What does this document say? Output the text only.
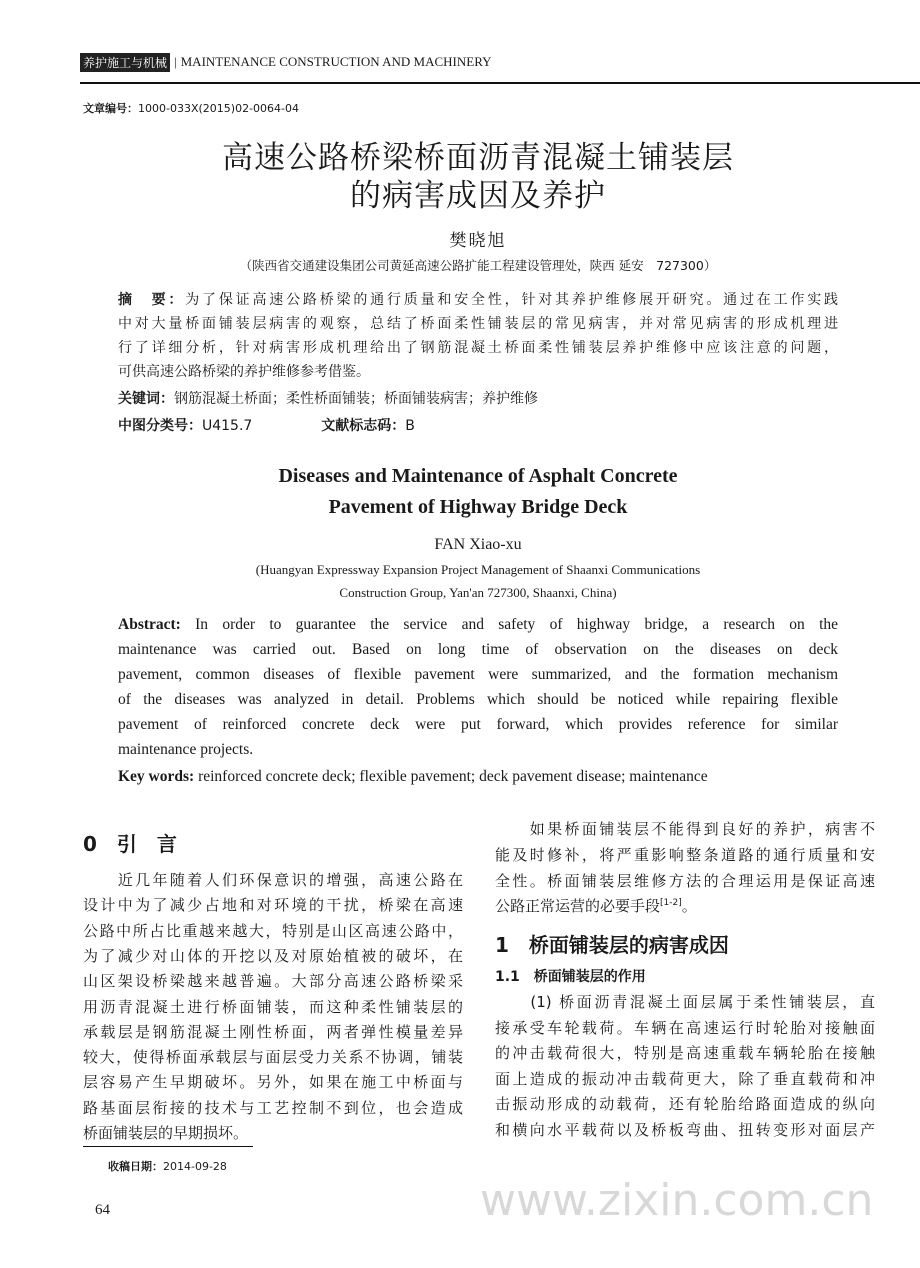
养护施工与机械 | MAINTENANCE CONSTRUCTION AND MACHINERY
文章编号：1000-033X(2015)02-0064-04
高速公路桥梁桥面沥青混凝土铺装层
的病害成因及养护
樊晓旭
（陕西省交通建设集团公司黄延高速公路扩能工程建设管理处，陕西 延安　727300）
摘　要：为了保证高速公路桥梁的通行质量和安全性，针对其养护维修展开研究。通过在工作实践
中对大量桥面铺装层病害的观察，总结了桥面柔性铺装层的常见病害，并对常见病害的形成机理进
行了详细分析，针对病害形成机理给出了钢筋混凝土桥面柔性铺装层养护维修中应该注意的问题，
可供高速公路桥梁的养护维修参考借鉴。
关键词：钢筋混凝土桥面；柔性桥面铺装；桥面铺装病害；养护维修
中图分类号：U415.7	文献标志码：B
Diseases and Maintenance of Asphalt Concrete
Pavement of Highway Bridge Deck
FAN Xiao-xu
(Huangyan Expressway Expansion Project Management of Shaanxi Communications
Construction Group, Yan'an 727300, Shaanxi, China)
Abstract: In order to guarantee the service and safety of highway bridge, a research on the
maintenance was carried out. Based on long time of observation on the diseases on deck
pavement, common diseases of flexible pavement were summarized, and the formation mechanism
of the diseases was analyzed in detail. Problems which should be noticed while repairing flexible
pavement of reinforced concrete deck were put forward, which provides reference for similar
maintenance projects.
Key words: reinforced concrete deck; flexible pavement; deck pavement disease; maintenance
0　引　言
　　近几年随着人们环保意识的增强，高速公路在
设计中为了减少占地和对环境的干扰，桥梁在高速
公路中所占比重越来越大，特别是山区高速公路中，
为了减少对山体的开挖以及对原始植被的破坏，在
山区架设桥梁越来越普遍。大部分高速公路桥梁采
用沥青混凝土进行桥面铺装，而这种柔性铺装层的
承载层是钢筋混凝土刚性桥面，两者弹性模量差异
较大，使得桥面承载层与面层受力关系不协调，铺装
层容易产生早期破坏。另外，如果在施工中桥面与
路基面层衔接的技术与工艺控制不到位，也会造成
桥面铺装层的早期损坏。
收稿日期：2014-09-28
64
　　如果桥面铺装层不能得到良好的养护，病害不
能及时修补，将严重影响整条道路的通行质量和安
全性。桥面铺装层维修方法的合理运用是保证高速
公路正常运营的必要手段[1-2]。
1　桥面铺装层的病害成因
1.1　桥面铺装层的作用
　　(1) 桥面沥青混凝土面层属于柔性铺装层，直
接承受车轮载荷。车辆在高速运行时轮胎对接触面
的冲击载荷很大，特别是高速重载车辆轮胎在接触
面上造成的振动冲击载荷更大，除了垂直载荷和冲
击振动形成的动载荷，还有轮胎给路面造成的纵向
和横向水平载荷以及桥板弯曲、扭转变形对面层产
www.zixin.com.cn
